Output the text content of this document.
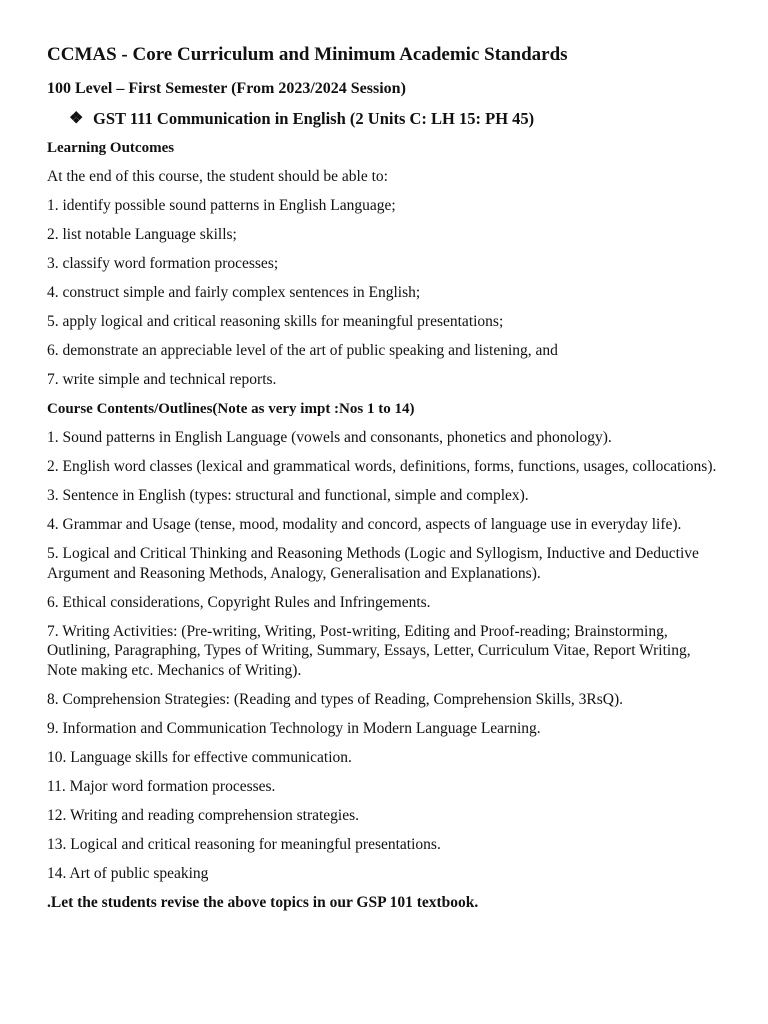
CCMAS - Core Curriculum and Minimum Academic Standards
100 Level – First Semester (From 2023/2024 Session)
❖ GST 111 Communication in English (2 Units C: LH 15: PH 45)
Learning Outcomes
At the end of this course, the student should be able to:
1. identify possible sound patterns in English Language;
2. list notable Language skills;
3. classify word formation processes;
4. construct simple and fairly complex sentences in English;
5. apply logical and critical reasoning skills for meaningful presentations;
6. demonstrate an appreciable level of the art of public speaking and listening, and
7. write simple and technical reports.
Course Contents/Outlines(Note as very impt :Nos 1 to 14)
1. Sound patterns in English Language (vowels and consonants, phonetics and phonology).
2. English word classes (lexical and grammatical words, definitions, forms, functions, usages, collocations).
3. Sentence in English (types: structural and functional, simple and complex).
4. Grammar and Usage (tense, mood, modality and concord, aspects of language use in everyday life).
5. Logical and Critical Thinking and Reasoning Methods (Logic and Syllogism, Inductive and Deductive Argument and Reasoning Methods, Analogy, Generalisation and Explanations).
6. Ethical considerations, Copyright Rules and Infringements.
7. Writing Activities: (Pre-writing, Writing, Post-writing, Editing and Proof-reading; Brainstorming, Outlining, Paragraphing, Types of Writing, Summary, Essays, Letter, Curriculum Vitae, Report Writing, Note making etc. Mechanics of Writing).
8. Comprehension Strategies: (Reading and types of Reading, Comprehension Skills, 3RsQ).
9. Information and Communication Technology in Modern Language Learning.
10. Language skills for effective communication.
11. Major word formation processes.
12. Writing and reading comprehension strategies.
13. Logical and critical reasoning for meaningful presentations.
14. Art of public speaking
.Let the students revise the above topics in our GSP 101 textbook.
